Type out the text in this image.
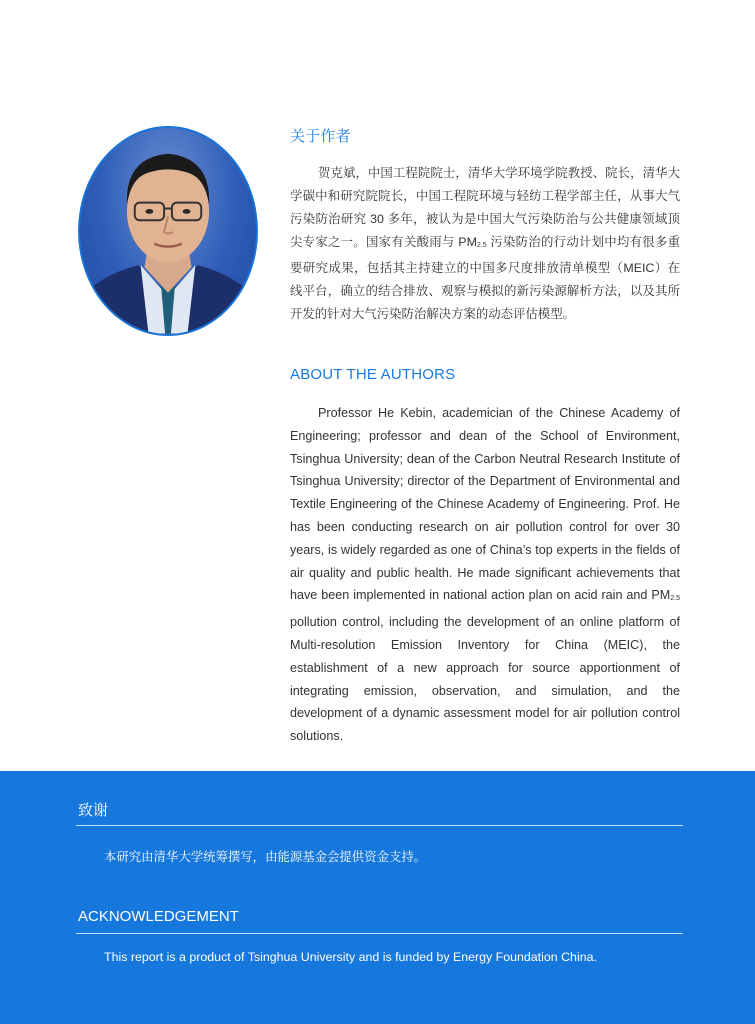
关于作者

贺克斌，中国工程院院士，清华大学环境学院教授、院长，清华大学碳中和研究院院长，中国工程院环境与轻纺工程学部主任，从事大气污染防治研究 30 多年，被认为是中国大气污染防治与公共健康领域顶尖专家之一。国家有关酸雨与 $PM_{2.5}$ 污染防治的行动计划中均有很多重要研究成果，包括其主持建立的中国多尺度排放清单模型（MEIC）在线平台，确立的结合排放、观察与模拟的新污染源解析方法，以及其所开发的针对大气污染防治解决方案的动态评估模型。

ABOUT THE AUTHORS

Professor He Kebin, academician of the Chinese Academy of Engineering; professor and dean of the School of Environment, Tsinghua University; dean of the Carbon Neutral Research Institute of Tsinghua University; director of the Department of Environmental and Textile Engineering of the Chinese Academy of Engineering. Prof. He has been conducting research on air pollution control for over 30 years, is widely regarded as one of China’s top experts in the fields of air quality and public health. He made significant achievements that have been implemented in national action plan on acid rain and $PM_{2.5}$ pollution control, including the development of an online platform of Multi-resolution Emission Inventory for China (MEIC), the establishment of a new approach for source apportionment of integrating emission, observation, and simulation, and the development of a dynamic assessment model for air pollution control solutions.

致谢

本研究由清华大学统筹撰写，由能源基金会提供资金支持。

ACKNOWLEDGEMENT

This report is a product of Tsinghua University and is funded by Energy Foundation China.
